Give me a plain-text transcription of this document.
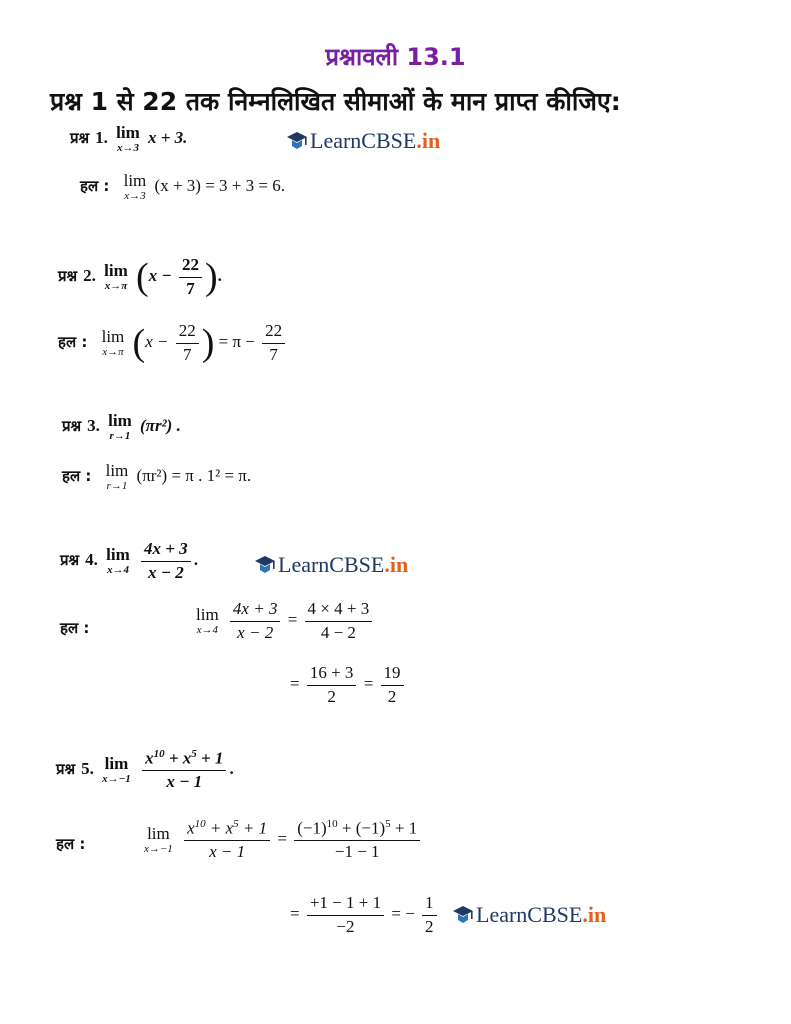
प्रश्नावली 13.1
प्रश्न 1 से 22 तक निम्नलिखित सीमाओं के मान प्राप्त कीजिए:
प्रश्न 1. lim
x→3
x + 3.	LearnCBSE .in
हल : lim
x→3
(x + 3) = 3 + 3 = 6.
प्रश्न 2. lim
x→π ($x - \frac{22}{7}$ ).
हल : lim
x→π ($x - \frac{22}{7}$ ) = $\pi - \frac{22}{7}$
प्रश्न 3. lim
r→1
(πr²) .
हल : lim
r→1
(πr²) = π . 1² = π.
प्रश्न 4. lim
x→4
$\frac{4x + 3}{x - 2}$ .	LearnCBSE .in
हल :
lim
x→4
$\frac{4x + 3}{x - 2} = \frac{4 \times 4 + 3}{4 - 2}$
= $\frac{16 + 3}{2} = \frac{19}{2}$
प्रश्न 5. lim
x→−1
$\frac{x^{10} + x^5 + 1}{x - 1}$ .
हल :
lim
x→−1
$\frac{x^{10} + x^5 + 1}{x - 1} = \frac{(-1)^{10} + (-1)^5 + 1}{-1 - 1}$
= $\frac{+1 - 1 + 1}{-2}$ = − $\frac{1}{2}$ LearnCBSE .in
